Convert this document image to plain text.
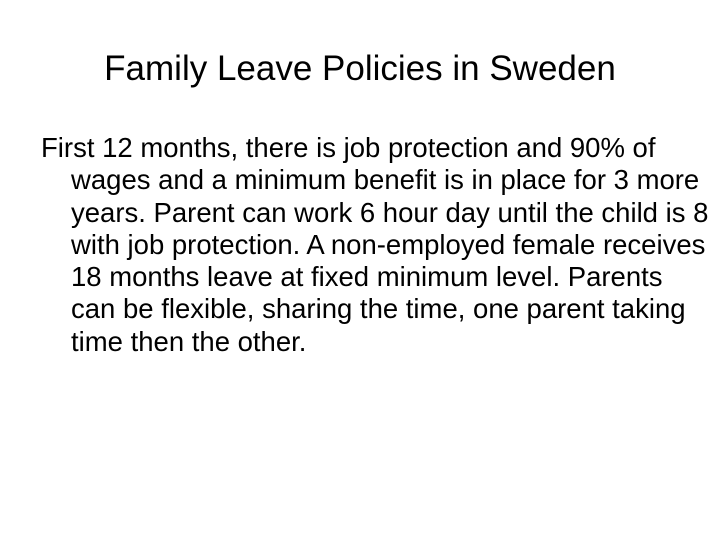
Family Leave Policies in Sweden

First 12 months, there is job protection and 90% of wages and a minimum benefit is in place for 3 more years. Parent can work 6 hour day until the child is 8 with job protection. A non-employed female receives 18 months leave at fixed minimum level. Parents can be flexible, sharing the time, one parent taking time then the other.
